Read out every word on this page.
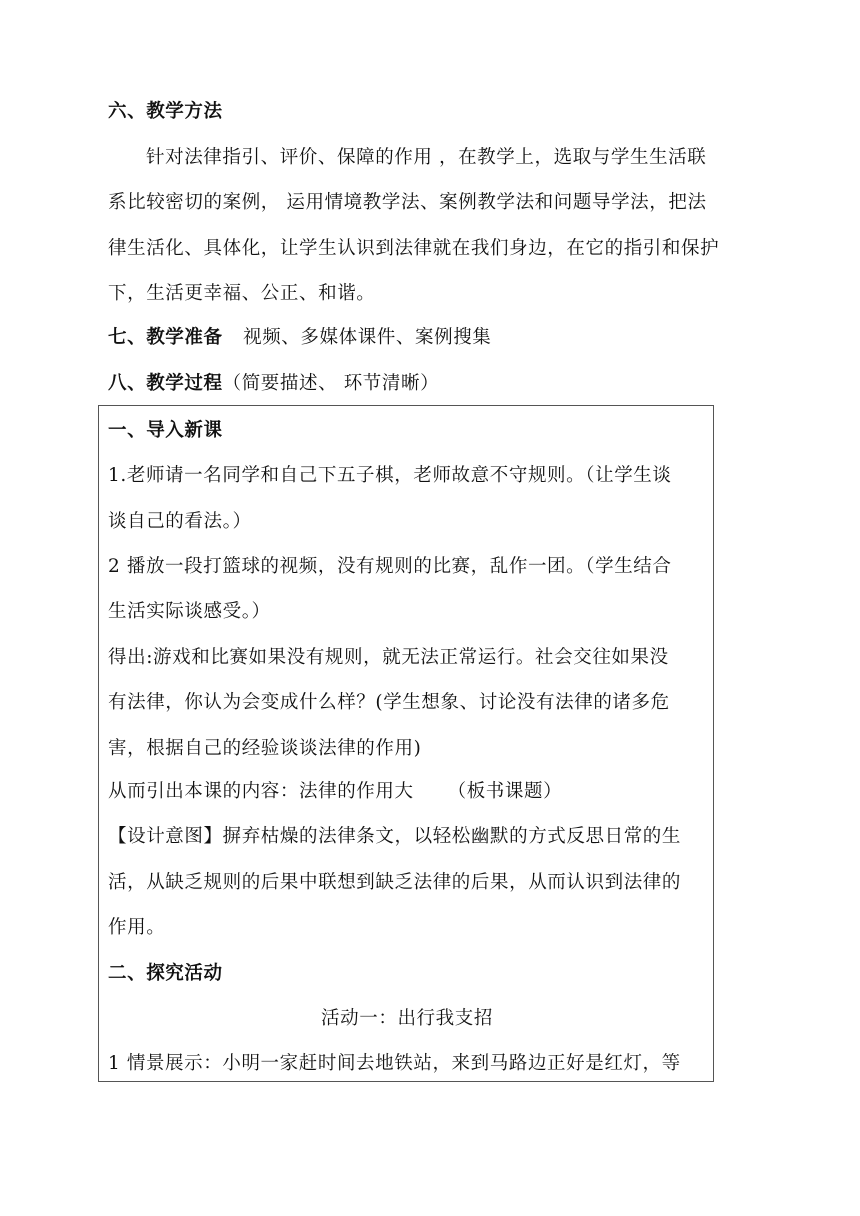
六、教学方法
针对法律指引、评价、保障的作用 ，在教学上，选取与学生生活联
系比较密切的案例， 运用情境教学法、案例教学法和问题导学法，把法
律生活化、具体化，让学生认识到法律就在我们身边，在它的指引和保护
下，生活更幸福、公正、和谐。
七、教学准备 视频、多媒体课件、案例搜集
八、教学过程（简要描述、 环节清晰）
一、导入新课
1.老师请一名同学和自己下五子棋，老师故意不守规则。（让学生谈
谈自己的看法。）
2 播放一段打篮球的视频，没有规则的比赛，乱作一团。（学生结合
生活实际谈感受。）
得出:游戏和比赛如果没有规则，就无法正常运行。社会交往如果没
有法律，你认为会变成什么样？(学生想象、讨论没有法律的诸多危
害，根据自己的经验谈谈法律的作用)
从而引出本课的内容：法律的作用大 （板书课题）
【设计意图】摒弃枯燥的法律条文，以轻松幽默的方式反思日常的生
活，从缺乏规则的后果中联想到缺乏法律的后果，从而认识到法律的
作用。
二、探究活动
活动一：出行我支招
1 情景展示：小明一家赶时间去地铁站，来到马路边正好是红灯，等
